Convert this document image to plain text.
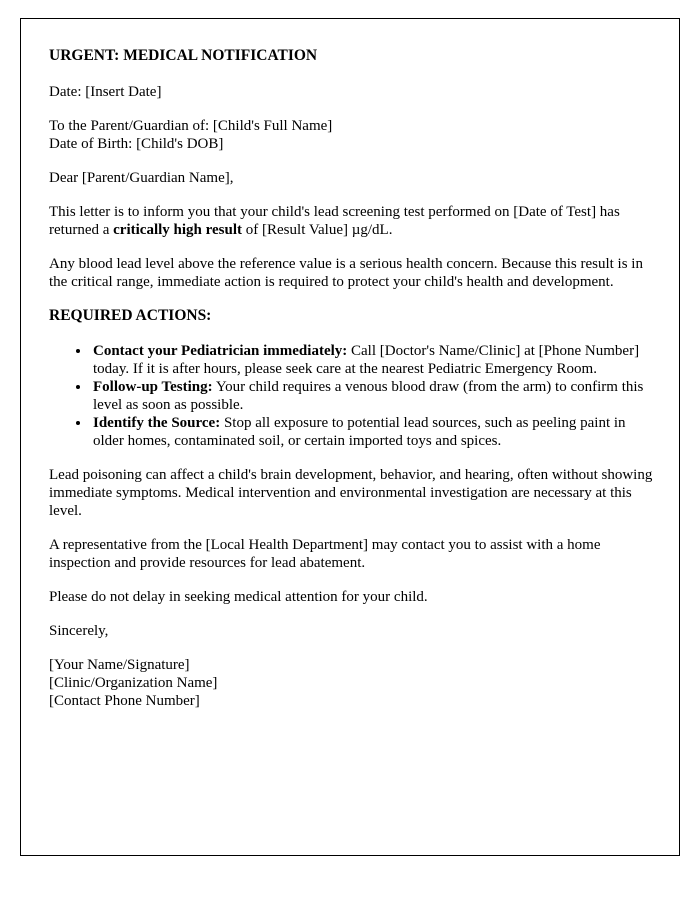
URGENT: MEDICAL NOTIFICATION

Date: [Insert Date]

To the Parent/Guardian of: [Child's Full Name]
Date of Birth: [Child's DOB]

Dear [Parent/Guardian Name],

This letter is to inform you that your child's lead screening test performed on [Date of Test] has returned a critically high result of [Result Value] µg/dL.

Any blood lead level above the reference value is a serious health concern. Because this result is in the critical range, immediate action is required to protect your child's health and development.

REQUIRED ACTIONS:

• Contact your Pediatrician immediately: Call [Doctor's Name/Clinic] at [Phone Number] today. If it is after hours, please seek care at the nearest Pediatric Emergency Room.
• Follow-up Testing: Your child requires a venous blood draw (from the arm) to confirm this level as soon as possible.
• Identify the Source: Stop all exposure to potential lead sources, such as peeling paint in older homes, contaminated soil, or certain imported toys and spices.

Lead poisoning can affect a child's brain development, behavior, and hearing, often without showing immediate symptoms. Medical intervention and environmental investigation are necessary at this level.

A representative from the [Local Health Department] may contact you to assist with a home inspection and provide resources for lead abatement.

Please do not delay in seeking medical attention for your child.

Sincerely,

[Your Name/Signature]
[Clinic/Organization Name]
[Contact Phone Number]
